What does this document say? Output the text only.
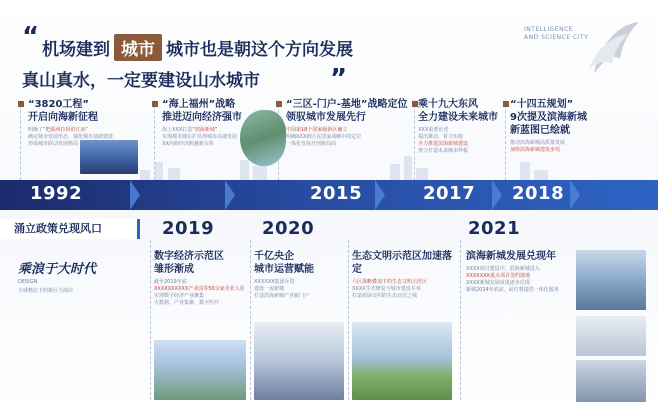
“ 机场建到 城市 城市也是朝这个方向发展
真山真水，一定要建设山水城市	”
INTELLIGENCE
AND SCIENCE CITY
1992	2015	2017 2018
涌立政策兑现风口	2019	2020	2021
“3820工程”
开启向海新征程
明确了“把福州拉回沿江向”
确定城市发展形态，强化城市基础建设
形成城市联动发展格局
“海上福州”战略
推进迈向经济强市
海上XXX打造“滨海新城”
实现都市圈东扩沿海城市高速发展
XX向海经济跨越新台阶
“三区-门户-基地”战略定位
领驭城市发展先行
中国第18个国家级新区确立
明确XXX新区在国家战略中的定位
一体化发展开创新局面
乘十九大东风
全力建设未来城市
XXX重要论述
提出推动，着力实施
全力推进滨海新城建设
努力打造未来城市样板
“十四五规划”
9次提及滨海新城
新蓝图已绘就
推动滨海新城高质量发展
加快滨海新城建设步伐
乘浪于大时代
DESIGN
全球格位下的新区与海岸
数字经济示范区
雏形渐成
截至2019年底
XXXXXXXXXX产业园等50余家企业入驻
实现数字经济产业聚集
大数据、产业集聚、数字医疗
千亿央企
城市运营赋能
XXXXXX集团斥资
建设一流新城
打造滨海新城产业新门户
生态文明示范区加速落定
六区战略叠加下的生态文明示范区
XXXX生态修复与城市建设并举
打造蓝绿交织的生态宜居之城
滨海新城发展兑现年
XXXX项目建设中，滨海新城进入
XXXXXXX重点项目签约落地
XXXX新城发展成果逐步兑现
新城2024年底前，前灯将提供一体化服务
